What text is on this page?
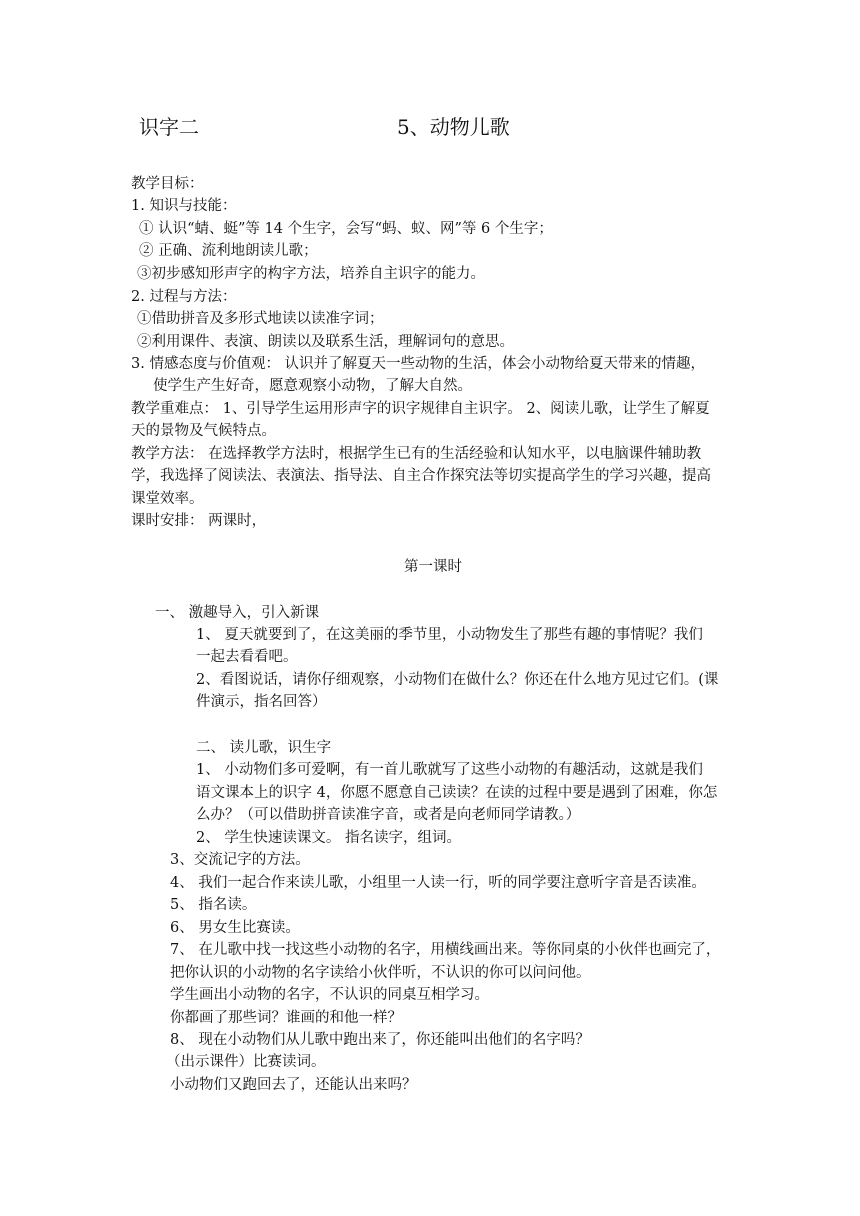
识字二	5、动物儿歌
教学目标：
1. 知识与技能：
① 认识“蜻、蜓”等 14 个生字，会写“蚂、蚁、网”等 6 个生字；
② 正确、流利地朗读儿歌；
③初步感知形声字的构字方法，培养自主识字的能力。
2. 过程与方法：
①借助拼音及多形式地读以读准字词；
②利用课件、表演、朗读以及联系生活，理解词句的意思。
3. 情感态度与价值观： 认识并了解夏天一些动物的生活，体会小动物给夏天带来的情趣，
使学生产生好奇，愿意观察小动物，了解大自然。
教学重难点： 1、引导学生运用形声字的识字规律自主识字。 2、阅读儿歌，让学生了解夏
天的景物及气候特点。
教学方法： 在选择教学方法时，根据学生已有的生活经验和认知水平，以电脑课件辅助教
学，我选择了阅读法、表演法、指导法、自主合作探究法等切实提高学生的学习兴趣，提高
课堂效率。
课时安排： 两课时，
第一课时
一、 激趣导入，引入新课
1、 夏天就要到了，在这美丽的季节里，小动物发生了那些有趣的事情呢？我们
一起去看看吧。
2、看图说话，请你仔细观察，小动物们在做什么？你还在什么地方见过它们。(课
件演示，指名回答）
二、 读儿歌，识生字
1、 小动物们多可爱啊，有一首儿歌就写了这些小动物的有趣活动，这就是我们
语文课本上的识字 4，你愿不愿意自己读读？在读的过程中要是遇到了困难，你怎
么办？（可以借助拼音读准字音，或者是向老师同学请教。）
2、 学生快速读课文。 指名读字，组词。
3、交流记字的方法。
4、 我们一起合作来读儿歌，小组里一人读一行，听的同学要注意听字音是否读准。
5、 指名读。
6、 男女生比赛读。
7、 在儿歌中找一找这些小动物的名字，用横线画出来。等你同桌的小伙伴也画完了，
把你认识的小动物的名字读给小伙伴听，不认识的你可以问问他。
学生画出小动物的名字，不认识的同桌互相学习。
你都画了那些词？谁画的和他一样？
8、 现在小动物们从儿歌中跑出来了，你还能叫出他们的名字吗？
（出示课件）比赛读词。
小动物们又跑回去了，还能认出来吗？
